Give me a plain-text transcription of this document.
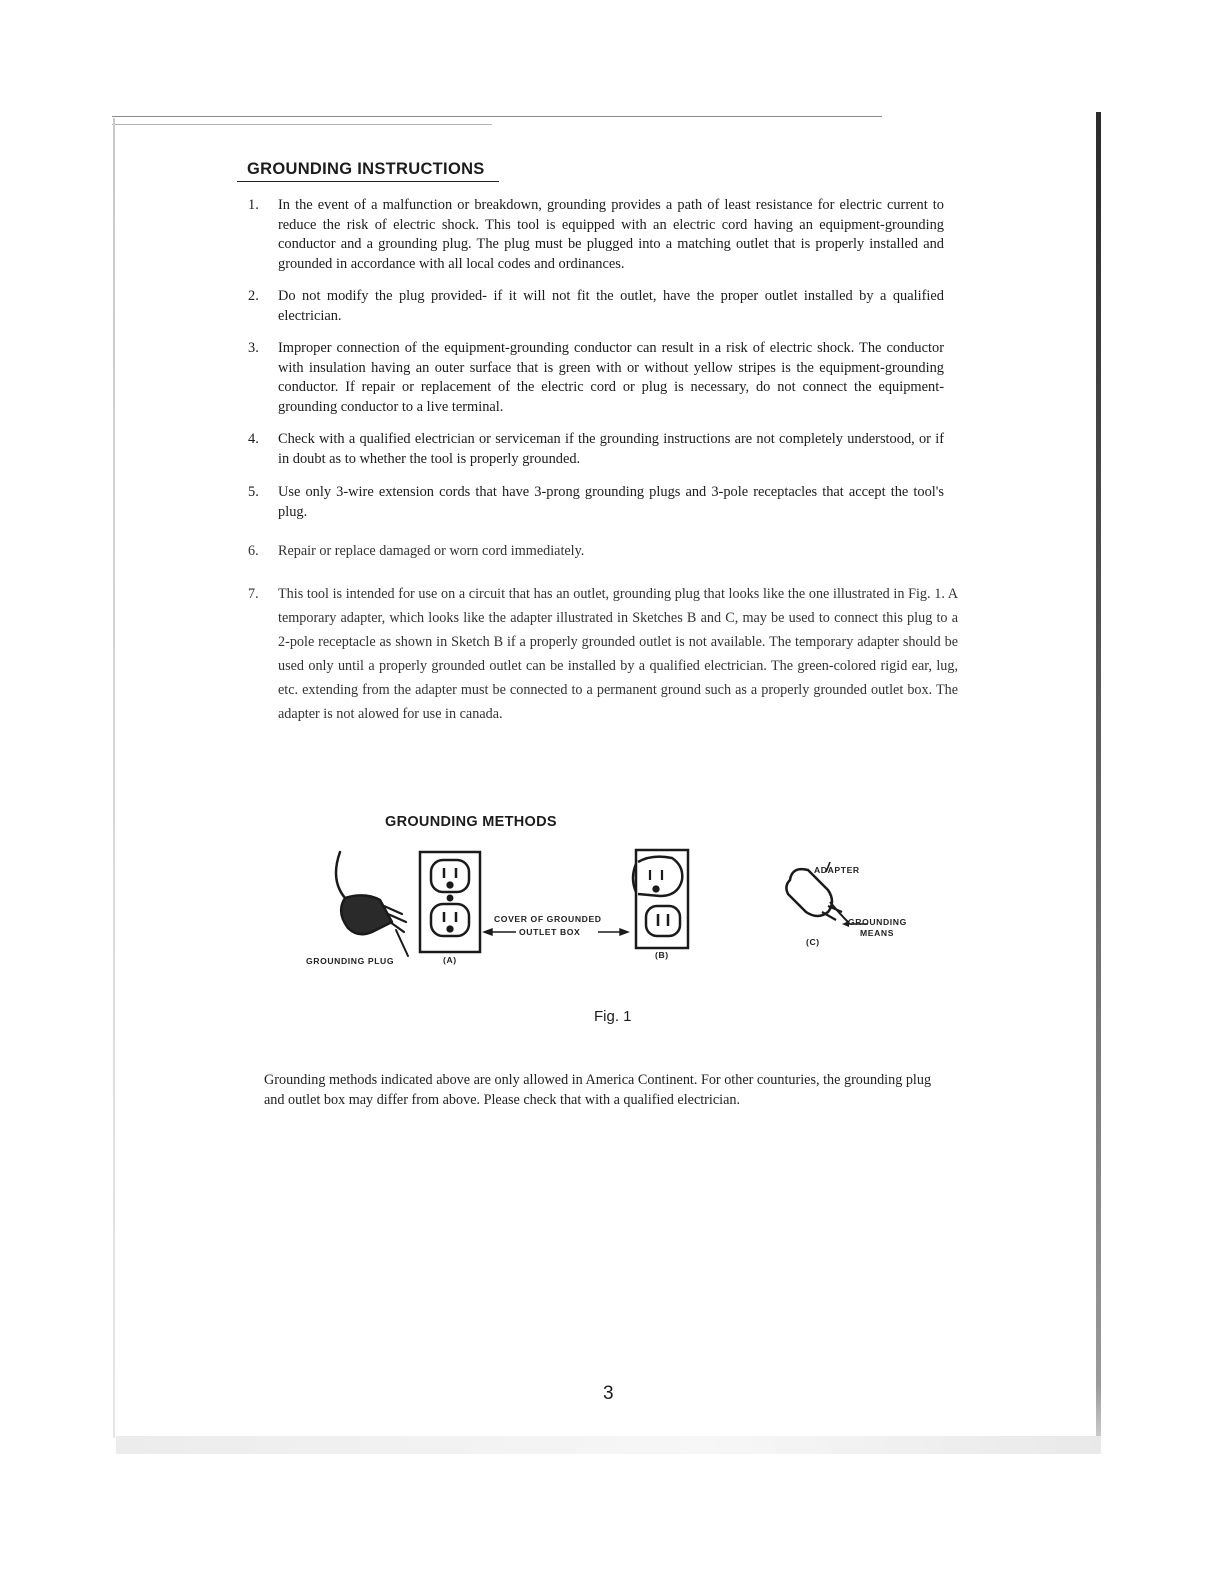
GROUNDING INSTRUCTIONS
1.	In the event of a malfunction or breakdown, grounding provides a path of least resistance for electric current to reduce the risk of electric shock. This tool is equipped with an electric cord having an equipment-grounding conductor and a grounding plug. The plug must be plugged into a matching outlet that is properly installed and grounded in accordance with all local codes and ordinances.
2.	Do not modify the plug provided- if it will not fit the outlet, have the proper outlet installed by a qualified electrician.
3.	Improper connection of the equipment-grounding conductor can result in a risk of electric shock. The conductor with insulation having an outer surface that is green with or without yellow stripes is the equipment-grounding conductor. If repair or replacement of the electric cord or plug is necessary, do not connect the equipment-grounding conductor to a live terminal.
4.	Check with a qualified electrician or serviceman if the grounding instructions are not completely understood, or if in doubt as to whether the tool is properly grounded.
5.	Use only 3-wire extension cords that have 3-prong grounding plugs and 3-pole receptacles that accept the tool's plug.
6.	Repair or replace damaged or worn cord immediately.
7.	This tool is intended for use on a circuit that has an outlet, grounding plug that looks like the one illustrated in Fig. 1. A temporary adapter, which looks like the adapter illustrated in Sketches B and C, may be used to connect this plug to a 2-pole receptacle as shown in Sketch B if a properly grounded outlet is not available. The temporary adapter should be used only until a properly grounded outlet can be installed by a qualified electrician. The green-colored rigid ear, lug, etc. extending from the adapter must be connected to a permanent ground such as a properly grounded outlet box. The adapter is not alowed for use in canada.
GROUNDING METHODS
GROUNDING PLUG	(A)
COVER OF GROUNDED
OUTLET BOX
(B)
ADAPTER
GROUNDING
MEANS
(C)
Fig. 1
Grounding methods indicated above are only allowed in America Continent. For other counturies, the grounding plug and outlet box may differ from above. Please check that with a qualified electrician.
3
